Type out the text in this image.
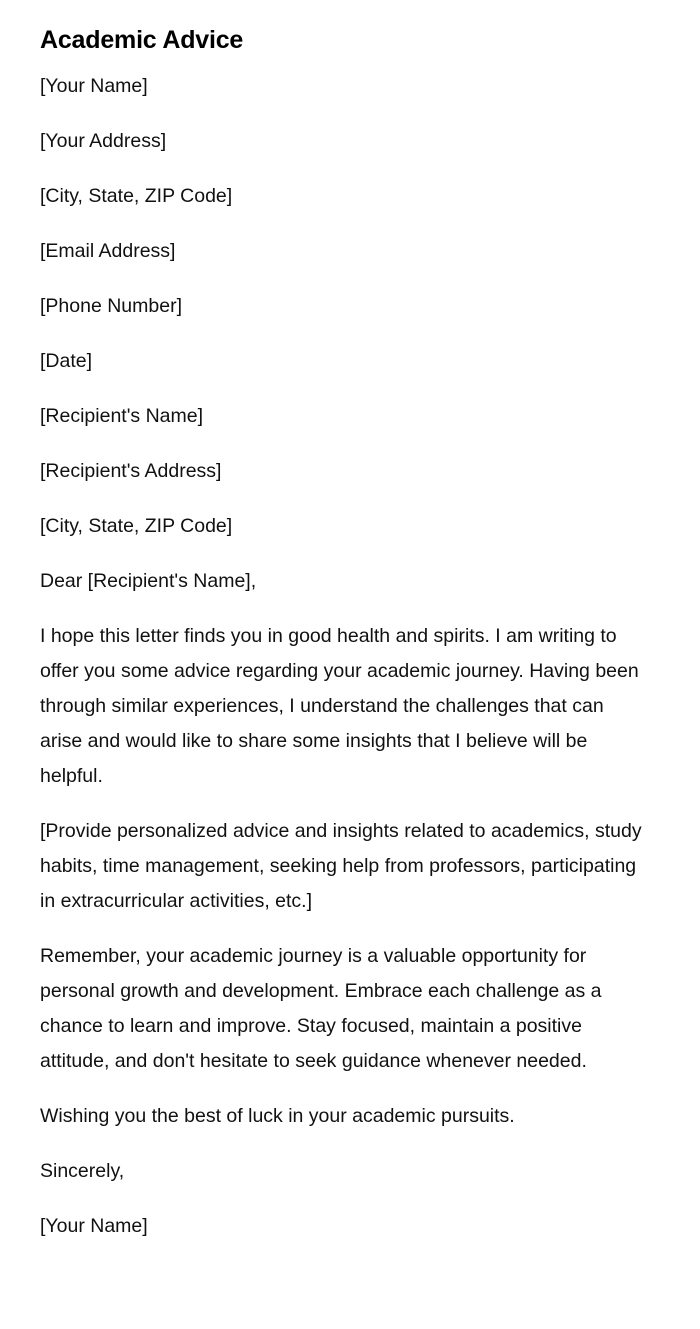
Academic Advice

[Your Name]

[Your Address]

[City, State, ZIP Code]

[Email Address]

[Phone Number]

[Date]

[Recipient's Name]

[Recipient's Address]

[City, State, ZIP Code]

Dear [Recipient's Name],

I hope this letter finds you in good health and spirits. I am writing to offer you some advice regarding your academic journey. Having been through similar experiences, I understand the challenges that can arise and would like to share some insights that I believe will be helpful.

[Provide personalized advice and insights related to academics, study habits, time management, seeking help from professors, participating in extracurricular activities, etc.]

Remember, your academic journey is a valuable opportunity for personal growth and development. Embrace each challenge as a chance to learn and improve. Stay focused, maintain a positive attitude, and don't hesitate to seek guidance whenever needed.

Wishing you the best of luck in your academic pursuits.

Sincerely,

[Your Name]
